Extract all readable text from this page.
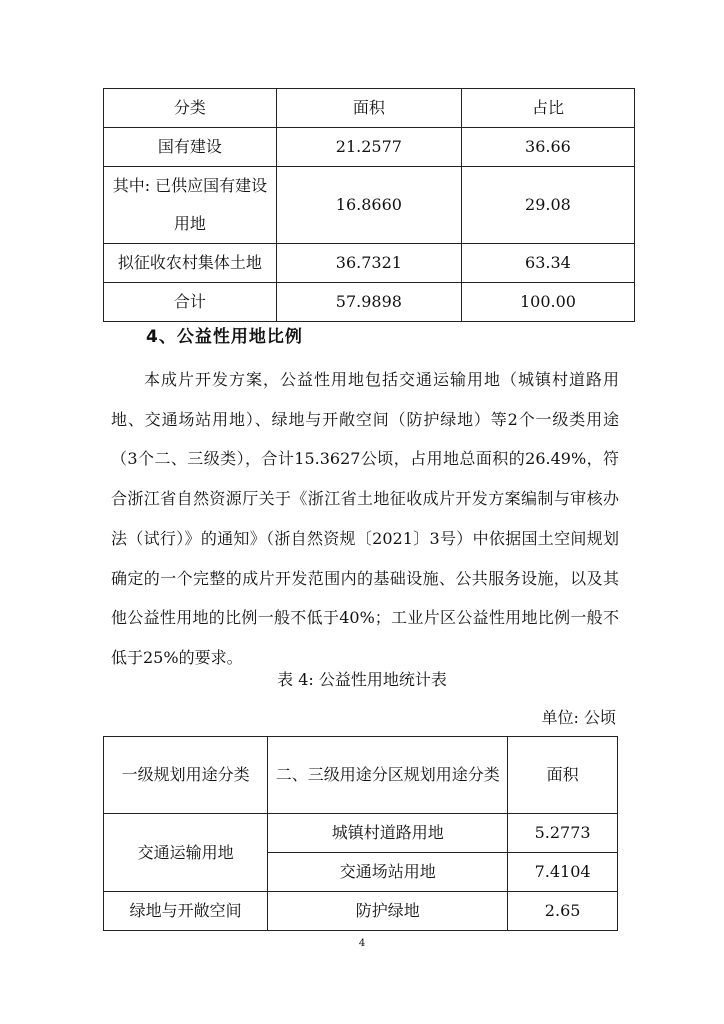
分类	面积	占比
国有建设	21.2577	36.66

其中: 已供应国有建设
用地	16.8660	29.08
拟征收农村集体土地	36.7321	63.34
合计	57.9898	100.00
4、公益性用地比例
本成片开发方案，公益性用地包括交通运输用地（城镇村道路用地、交通场站用地）、绿地与开敞空间（防护绿地）等2个一级类用途（3个二、三级类），合计15.3627公顷，占用地总面积的26.49%，符合浙江省自然资源厅关于《浙江省土地征收成片开发方案编制与审核办法（试行）》的通知》（浙自然资规〔2021〕3号）中依据国土空间规划确定的一个完整的成片开发范围内的基础设施、公共服务设施，以及其他公益性用地的比例一般不低于40%；工业片区公益性用地比例一般不低于25%的要求。
表 4: 公益性用地统计表
单位: 公顷
一级规划用途分类	二、三级用途分区规划用途分类	面积
交通运输用地	城镇村道路用地	5.2773
	交通场站用地	7.4104
绿地与开敞空间	防护绿地	2.65
4
